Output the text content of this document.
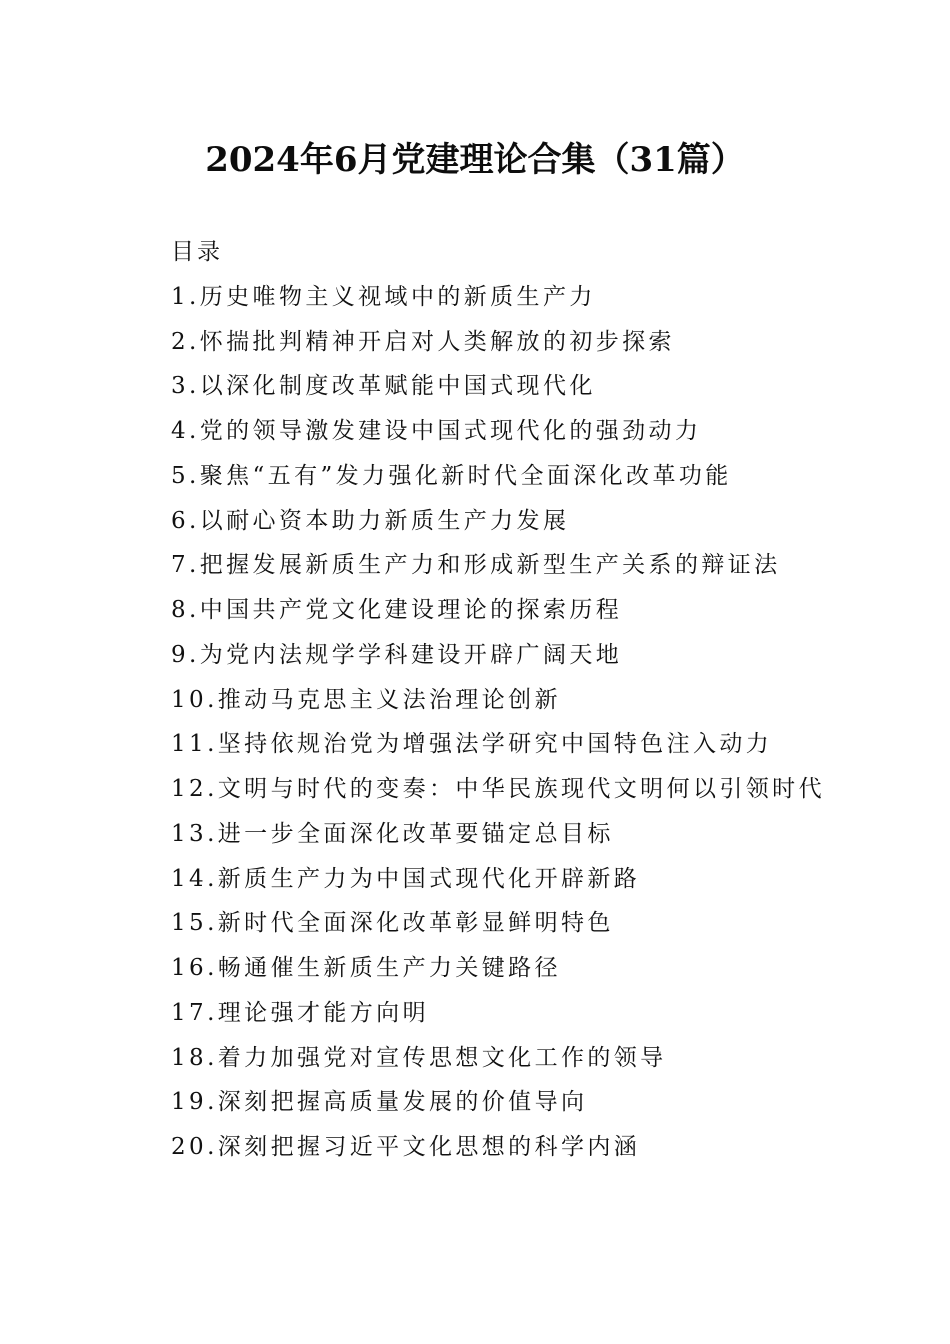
2024年6月党建理论合集（31篇）
目录
1.历史唯物主义视域中的新质生产力
2.怀揣批判精神开启对人类解放的初步探索
3.以深化制度改革赋能中国式现代化
4.党的领导激发建设中国式现代化的强劲动力
5.聚焦“五有”发力强化新时代全面深化改革功能
6.以耐心资本助力新质生产力发展
7.把握发展新质生产力和形成新型生产关系的辩证法
8.中国共产党文化建设理论的探索历程
9.为党内法规学学科建设开辟广阔天地
10.推动马克思主义法治理论创新
11.坚持依规治党为增强法学研究中国特色注入动力
12.文明与时代的变奏：中华民族现代文明何以引领时代
13.进一步全面深化改革要锚定总目标
14.新质生产力为中国式现代化开辟新路
15.新时代全面深化改革彰显鲜明特色
16.畅通催生新质生产力关键路径
17.理论强才能方向明
18.着力加强党对宣传思想文化工作的领导
19.深刻把握高质量发展的价值导向
20.深刻把握习近平文化思想的科学内涵
